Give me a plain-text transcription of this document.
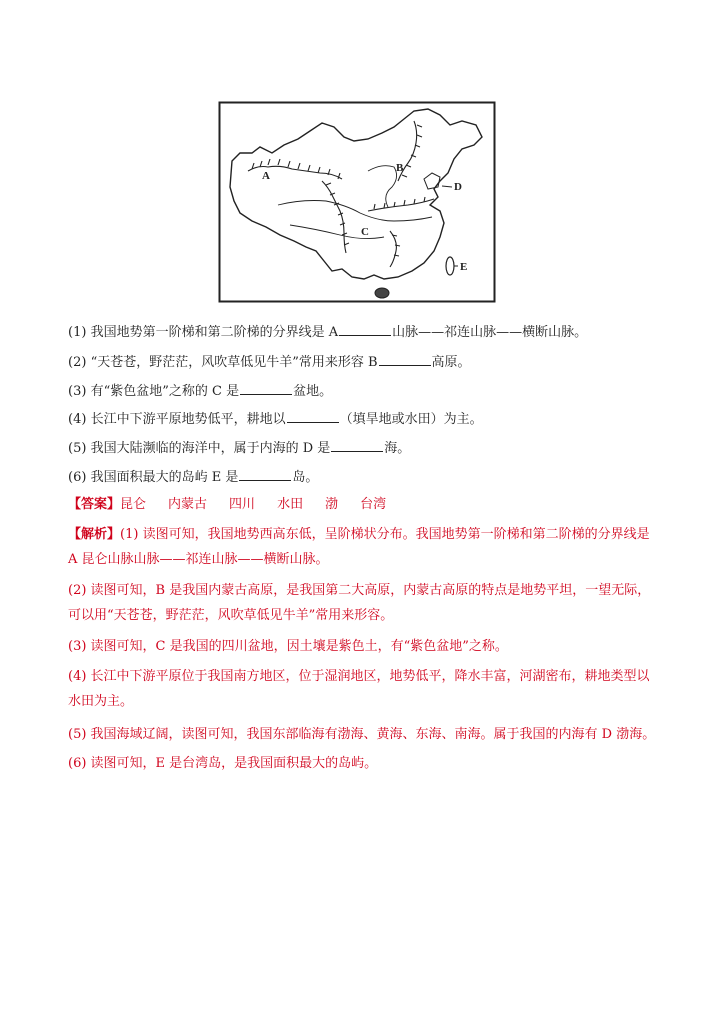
A
B
C
D
E
(1) 我国地势第一阶梯和第二阶梯的分界线是 A	山脉——祁连山脉——横断山脉。
(2) “天苍苍，野茫茫，风吹草低见牛羊”常用来形容 B	高原。
(3) 有“紫色盆地”之称的 C 是	盆地。
(4) 长江中下游平原地势低平，耕地以	（填旱地或水田）为主。
(5) 我国大陆濒临的海洋中，属于内海的 D 是	海。
(6) 我国面积最大的岛屿 E 是	岛。
【答案】昆仑 内蒙古 四川 水田 渤 台湾
【解析】(1) 读图可知，我国地势西高东低，呈阶梯状分布。我国地势第一阶梯和第二阶梯的分界线是 A 昆仑山脉山脉——祁连山脉——横断山脉。
(2) 读图可知，B 是我国内蒙古高原，是我国第二大高原，内蒙古高原的特点是地势平坦，一望无际，可以用“天苍苍，野茫茫，风吹草低见牛羊”常用来形容。
(3) 读图可知，C 是我国的四川盆地，因土壤是紫色土，有“紫色盆地”之称。
(4) 长江中下游平原位于我国南方地区，位于湿润地区，地势低平，降水丰富，河湖密布，耕地类型以水田为主。
(5) 我国海域辽阔，读图可知，我国东部临海有渤海、黄海、东海、南海。属于我国的内海有 D 渤海。
(6) 读图可知，E 是台湾岛，是我国面积最大的岛屿。
